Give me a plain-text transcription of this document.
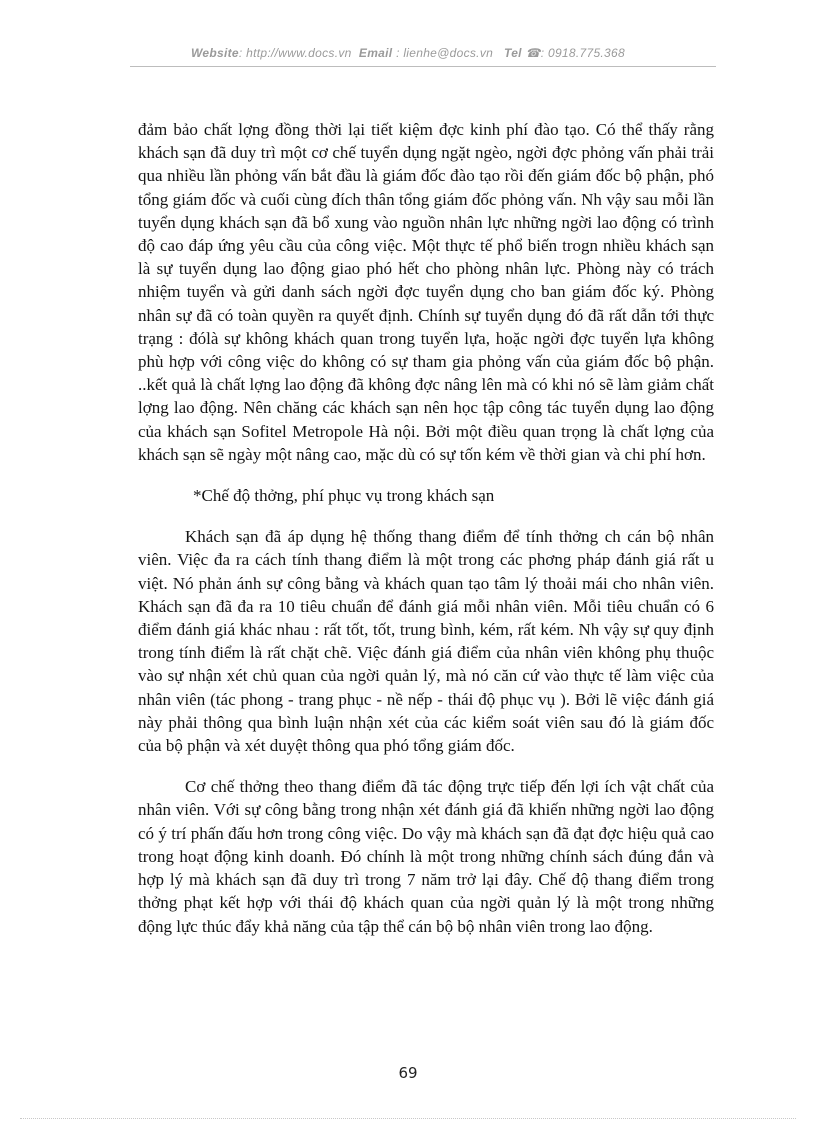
Website: http://www.docs.vn Email : lienhe@docs.vn Tel ☎: 0918.775.368

đảm bảo chất lợng đồng thời lại tiết kiệm đợc kinh phí đào tạo. Có thể thấy rằng khách sạn đã duy trì một cơ chế tuyển dụng ngặt ngèo, ngời đợc phỏng vấn phải trải qua nhiều lần phỏng vấn bắt đầu là giám đốc đào tạo rồi đến giám đốc bộ phận, phó tổng giám đốc và cuối cùng đích thân tổng giám đốc phỏng vấn. Nh vậy sau mỗi lần tuyển dụng khách sạn đã bổ xung vào nguồn nhân lực những ngời lao động có trình độ cao đáp ứng yêu cầu của công việc. Một thực tế phổ biến trogn nhiều khách sạn là sự tuyển dụng lao động giao phó hết cho phòng nhân lực. Phòng này có trách nhiệm tuyển và gửi danh sách ngời đợc tuyển dụng cho ban giám đốc ký. Phòng nhân sự đã có toàn quyền ra quyết định. Chính sự tuyển dụng đó đã rất dẫn tới thực trạng : đólà sự không khách quan trong tuyển lựa, hoặc ngời đợc tuyển lựa không phù hợp với công việc do không có sự tham gia phỏng vấn của giám đốc bộ phận. ..kết quả là chất lợng lao động đã không đợc nâng lên mà có khi nó sẽ làm giảm chất lợng lao động. Nên chăng các khách sạn nên học tập công tác tuyển dụng lao động của khách sạn Sofitel Metropole Hà nội. Bởi một điều quan trọng là chất lợng của khách sạn sẽ ngày một nâng cao, mặc dù có sự tốn kém về thời gian và chi phí hơn.

*Chế độ thởng, phí phục vụ trong khách sạn

Khách sạn đã áp dụng hệ thống thang điểm để tính thởng ch cán bộ nhân viên. Việc đa ra cách tính thang điểm là một trong các phơng pháp đánh giá rất u việt. Nó phản ánh sự công bằng và khách quan tạo tâm lý thoải mái cho nhân viên. Khách sạn đã đa ra 10 tiêu chuẩn để đánh giá mỗi nhân viên. Mỗi tiêu chuẩn có 6 điểm đánh giá khác nhau : rất tốt, tốt, trung bình, kém, rất kém. Nh vậy sự quy định trong tính điểm là rất chặt chẽ. Việc đánh giá điểm của nhân viên không phụ thuộc vào sự nhận xét chủ quan của ngời quản lý, mà nó căn cứ vào thực tế làm việc của nhân viên (tác phong - trang phục - nề nếp - thái độ phục vụ ). Bởi lẽ việc đánh giá này phải thông qua bình luận nhận xét của các kiểm soát viên sau đó là giám đốc của bộ phận và xét duyệt thông qua phó tổng giám đốc.

Cơ chế thởng theo thang điểm đã tác động trực tiếp đến lợi ích vật chất của nhân viên. Với sự công bằng trong nhận xét đánh giá đã khiến những ngời lao động có ý trí phấn đấu hơn trong công việc. Do vậy mà khách sạn đã đạt đợc hiệu quả cao trong hoạt động kinh doanh. Đó chính là một trong những chính sách đúng đắn và hợp lý mà khách sạn đã duy trì trong 7 năm trở lại đây. Chế độ thang điểm trong thởng phạt kết hợp với thái độ khách quan của ngời quản lý là một trong những động lực thúc đẩy khả năng của tập thể cán bộ bộ nhân viên trong lao động.

69
